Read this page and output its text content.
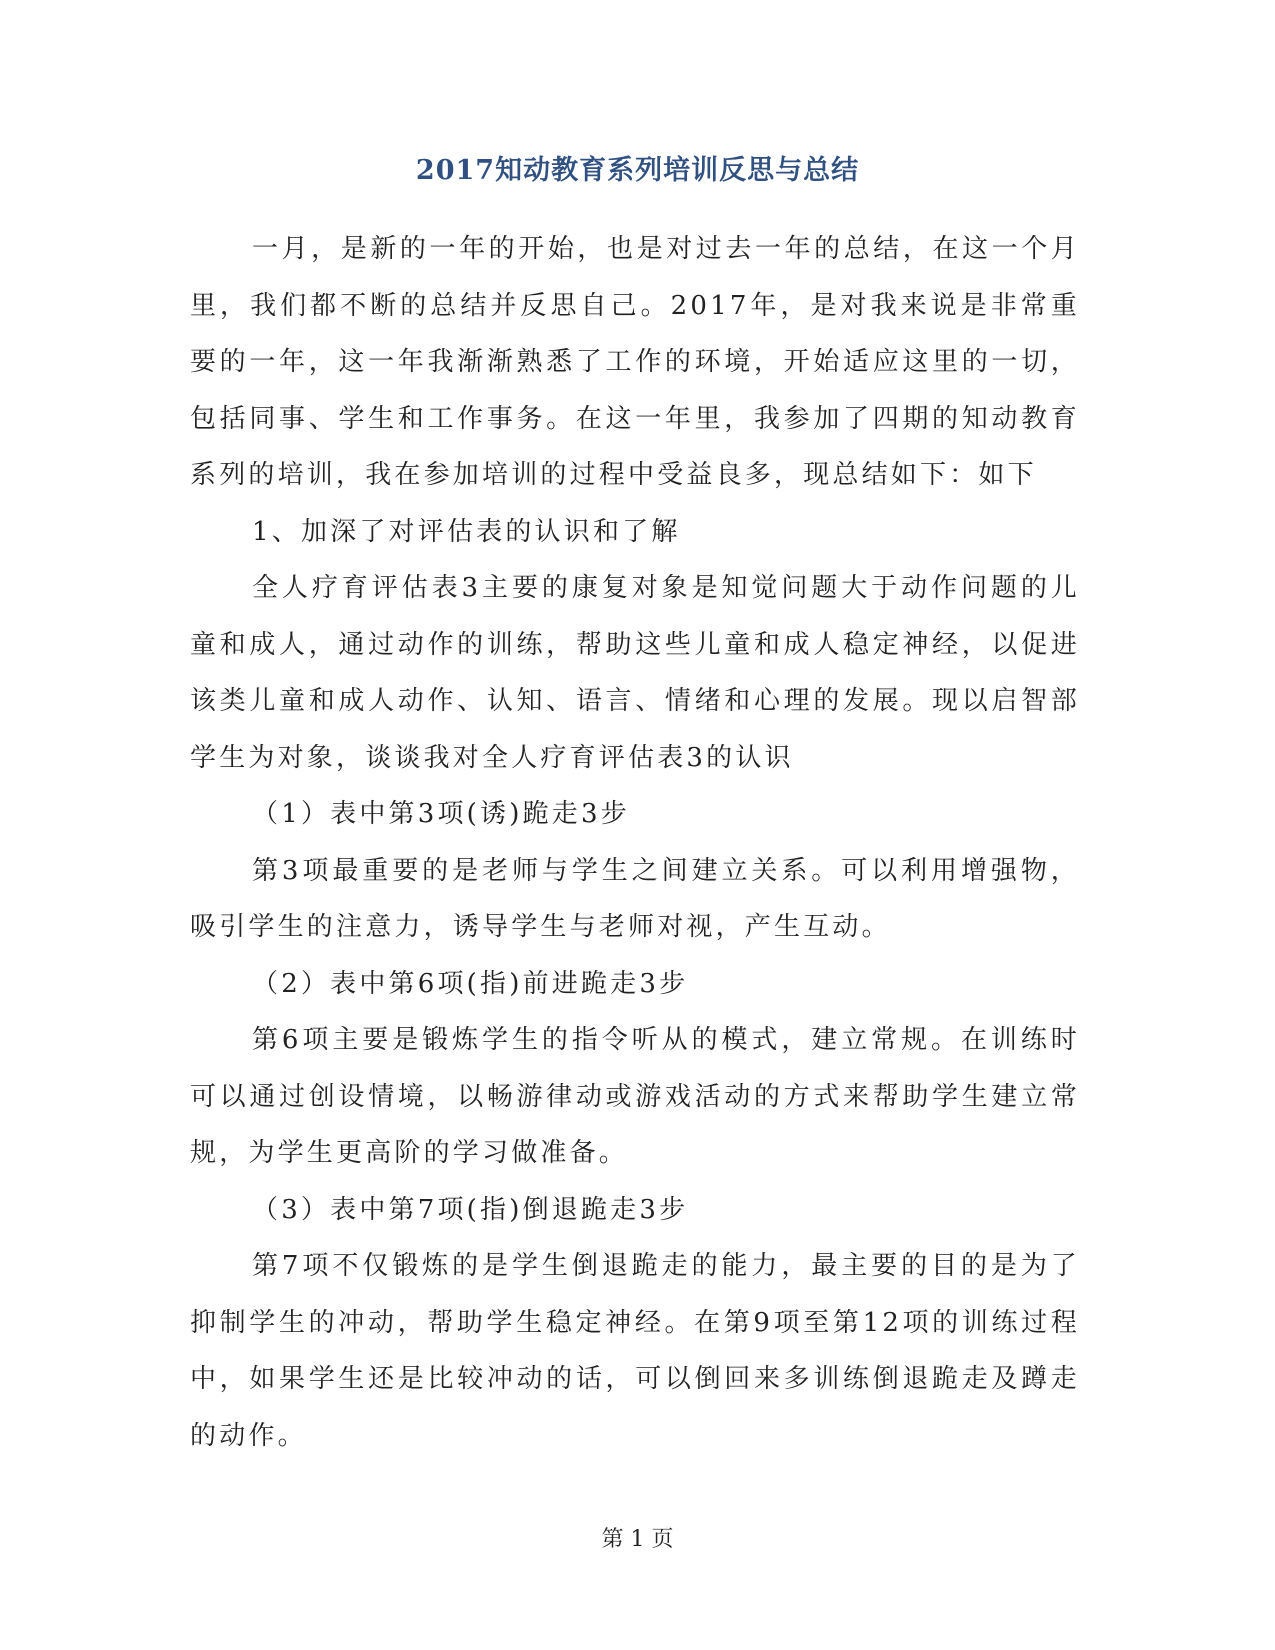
2017知动教育系列培训反思与总结

一月，是新的一年的开始，也是对过去一年的总结，在这一个月里，我们都不断的总结并反思自己。2017年，是对我来说是非常重要的一年，这一年我渐渐熟悉了工作的环境，开始适应这里的一切，包括同事、学生和工作事务。在这一年里，我参加了四期的知动教育系列的培训，我在参加培训的过程中受益良多，现总结如下：如下

1、加深了对评估表的认识和了解

全人疗育评估表3主要的康复对象是知觉问题大于动作问题的儿童和成人，通过动作的训练，帮助这些儿童和成人稳定神经，以促进该类儿童和成人动作、认知、语言、情绪和心理的发展。现以启智部学生为对象，谈谈我对全人疗育评估表3的认识

（1）表中第3项(诱)跪走3步

第3项最重要的是老师与学生之间建立关系。可以利用增强物，吸引学生的注意力，诱导学生与老师对视，产生互动。

（2）表中第6项(指)前进跪走3步

第6项主要是锻炼学生的指令听从的模式，建立常规。在训练时可以通过创设情境，以畅游律动或游戏活动的方式来帮助学生建立常规，为学生更高阶的学习做准备。

（3）表中第7项(指)倒退跪走3步

第7项不仅锻炼的是学生倒退跪走的能力，最主要的目的是为了抑制学生的冲动，帮助学生稳定神经。在第9项至第12项的训练过程中，如果学生还是比较冲动的话，可以倒回来多训练倒退跪走及蹲走的动作。

第 1 页
